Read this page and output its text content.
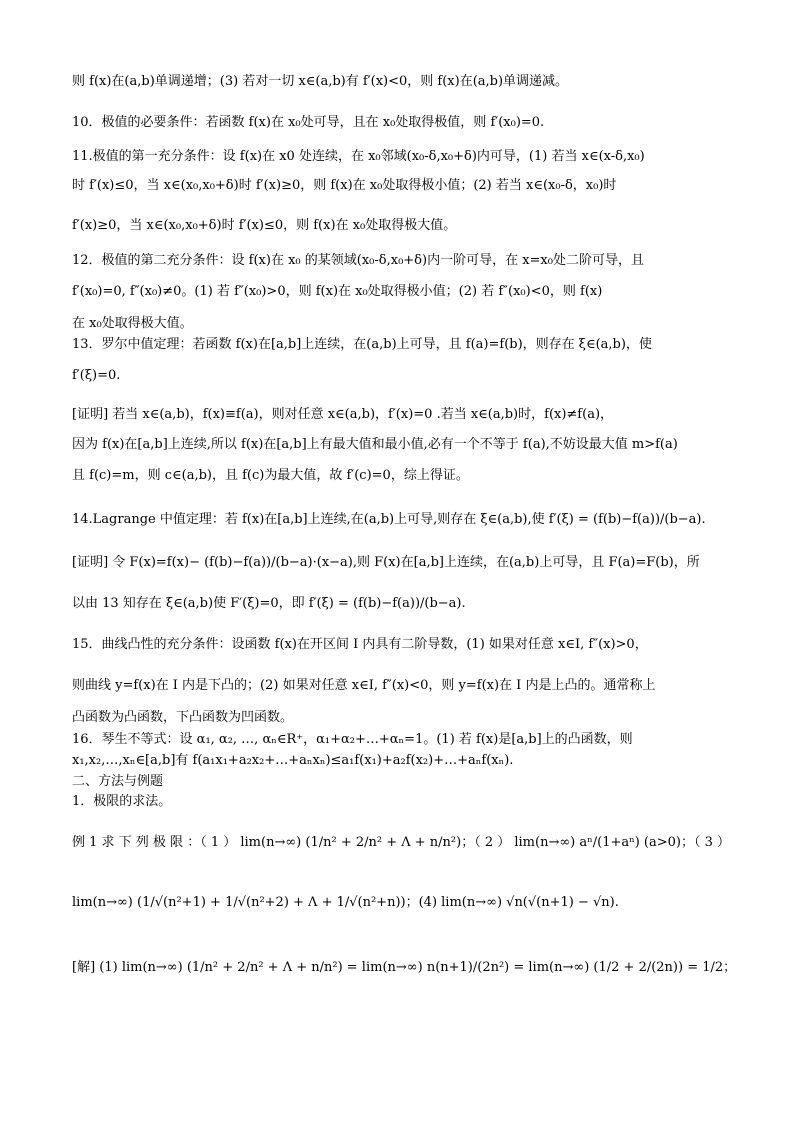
则 f(x)在(a,b)单调递增；(3) 若对一切 x∈(a,b)有 f′(x)<0，则 f(x)在(a,b)单调递减。
10．极值的必要条件：若函数 f(x)在 x₀处可导，且在 x₀处取得极值，则 f′(x₀)=0.
11.极值的第一充分条件：设 f(x)在 x0 处连续，在 x₀邻域(x₀-δ,x₀+δ)内可导，(1) 若当 x∈(x-δ,x₀)
时 f′(x)≤0，当 x∈(x₀,x₀+δ)时 f′(x)≥0，则 f(x)在 x₀处取得极小值；(2) 若当 x∈(x₀-δ，x₀)时
f′(x)≥0，当 x∈(x₀,x₀+δ)时 f′(x)≤0，则 f(x)在 x₀处取得极大值。
12．极值的第二充分条件：设 f(x)在 x₀ 的某领域(x₀-δ,x₀+δ)内一阶可导，在 x=x₀处二阶可导，且
f′(x₀)=0, f″(x₀)≠0。(1) 若 f″(x₀)>0，则 f(x)在 x₀处取得极小值；(2) 若 f″(x₀)<0，则 f(x)
在 x₀处取得极大值。
13．罗尔中值定理：若函数 f(x)在[a,b]上连续，在(a,b)上可导，且 f(a)=f(b)，则存在 ξ∈(a,b)，使
f′(ξ)=0.
[证明] 若当 x∈(a,b)，f(x)≡f(a)，则对任意 x∈(a,b)，f′(x)=0 .若当 x∈(a,b)时，f(x)≠f(a)，
因为 f(x)在[a,b]上连续,所以 f(x)在[a,b]上有最大值和最小值,必有一个不等于 f(a),不妨设最大值 m>f(a)
且 f(c)=m，则 c∈(a,b)，且 f(c)为最大值，故 f′(c)=0，综上得证。
14.Lagrange 中值定理：若 f(x)在[a,b]上连续,在(a,b)上可导,则存在 ξ∈(a,b),使 f′(ξ) = (f(b)−f(a))/(b−a).
[证明] 令 F(x)=f(x)− (f(b)−f(a))/(b−a)·(x−a),则 F(x)在[a,b]上连续，在(a,b)上可导，且 F(a)=F(b)，所
以由 13 知存在 ξ∈(a,b)使 F′(ξ)=0，即 f′(ξ) = (f(b)−f(a))/(b−a).
15．曲线凸性的充分条件：设函数 f(x)在开区间 I 内具有二阶导数，(1) 如果对任意 x∈I, f″(x)>0，
则曲线 y=f(x)在 I 内是下凸的；(2) 如果对任意 x∈I, f″(x)<0，则 y=f(x)在 I 内是上凸的。通常称上
凸函数为凸函数，下凸函数为凹函数。
16．琴生不等式：设 α₁, α₂, …, αₙ∈R⁺，α₁+α₂+…+αₙ=1。(1) 若 f(x)是[a,b]上的凸函数，则
x₁,x₂,…,xₙ∈[a,b]有 f(a₁x₁+a₂x₂+…+aₙxₙ)≤a₁f(x₁)+a₂f(x₂)+…+aₙf(xₙ).
二、方法与例题
1．极限的求法。
例 1 求 下 列 极 限 ：（ 1 ） lim(n→∞) (1/n² + 2/n² + Λ + n/n²)；（ 2 ） lim(n→∞) aⁿ/(1+aⁿ) (a>0)；（ 3 ）
lim(n→∞) (1/√(n²+1) + 1/√(n²+2) + Λ + 1/√(n²+n))；(4) lim(n→∞) √n(√(n+1) − √n).
[解] (1) lim(n→∞) (1/n² + 2/n² + Λ + n/n²) = lim(n→∞) n(n+1)/(2n²) = lim(n→∞) (1/2 + 2/(2n)) = 1/2；
